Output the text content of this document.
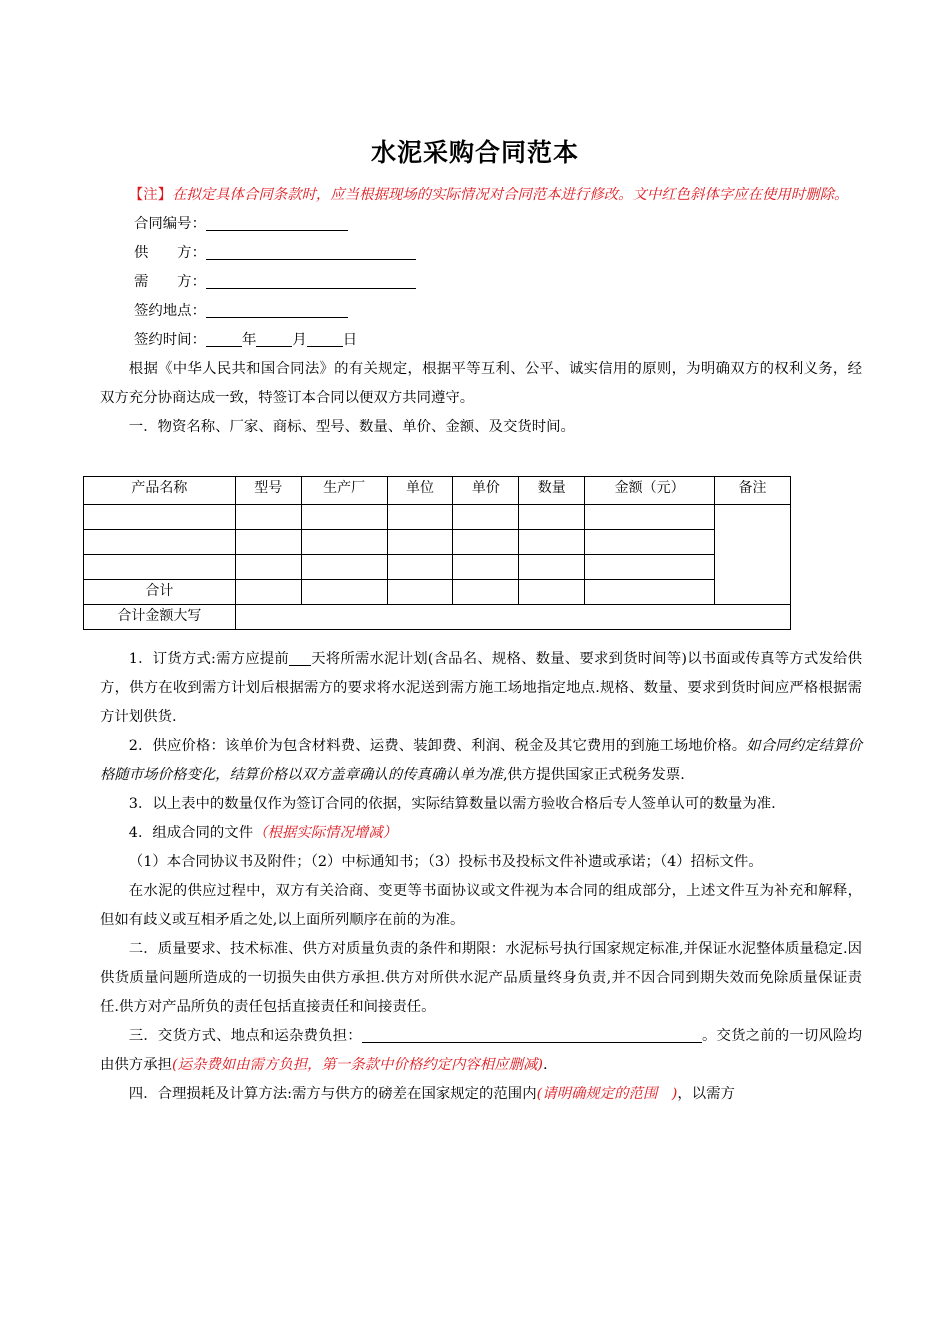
水泥采购合同范本

【注】在拟定具体合同条款时，应当根据现场的实际情况对合同范本进行修改。文中红色斜体字应在使用时删除。

合同编号：

供　　方：

需　　方：

签约地点：

签约时间：	年	月	日

根据《中华人民共和国合同法》的有关规定，根据平等互利、公平、诚实信用的原则，为明确双方的权利义务，经双方充分协商达成一致，特签订本合同以便双方共同遵守。

一．物资名称、厂家、商标、型号、数量、单价、金额、及交货时间。

产品名称	型号	生产厂	单位	单价	数量	金额（元）	备注

合计							
合计金额大写							

1．订货方式:需方应提前 天将所需水泥计划(含品名、规格、数量、要求到货时间等)以书面或传真等方式发给供方，供方在收到需方计划后根据需方的要求将水泥送到需方施工场地指定地点.规格、数量、要求到货时间应严格根据需方计划供货.

2．供应价格：该单价为包含材料费、运费、装卸费、利润、税金及其它费用的到施工场地价格。如合同约定结算价格随市场价格变化，结算价格以双方盖章确认的传真确认单为准,供方提供国家正式税务发票.

3．以上表中的数量仅作为签订合同的依据，实际结算数量以需方验收合格后专人签单认可的数量为准.

4．组成合同的文件（根据实际情况增减）

（1）本合同协议书及附件；（2）中标通知书；（3）投标书及投标文件补遗或承诺；（4）招标文件。

在水泥的供应过程中，双方有关洽商、变更等书面协议或文件视为本合同的组成部分，上述文件互为补充和解释，但如有歧义或互相矛盾之处,以上面所列顺序在前的为准。

二．质量要求、技术标准、供方对质量负责的条件和期限：水泥标号执行国家规定标准,并保证水泥整体质量稳定.因供货质量问题所造成的一切损失由供方承担.供方对所供水泥产品质量终身负责,并不因合同到期失效而免除质量保证责任.供方对产品所负的责任包括直接责任和间接责任。

三．交货方式、地点和运杂费负担：	。交货之前的一切风险均由供方承担(运杂费如由需方负担，第一条款中价格约定内容相应删减).

四．合理损耗及计算方法:需方与供方的磅差在国家规定的范围内(请明确规定的范围　)，以需方
